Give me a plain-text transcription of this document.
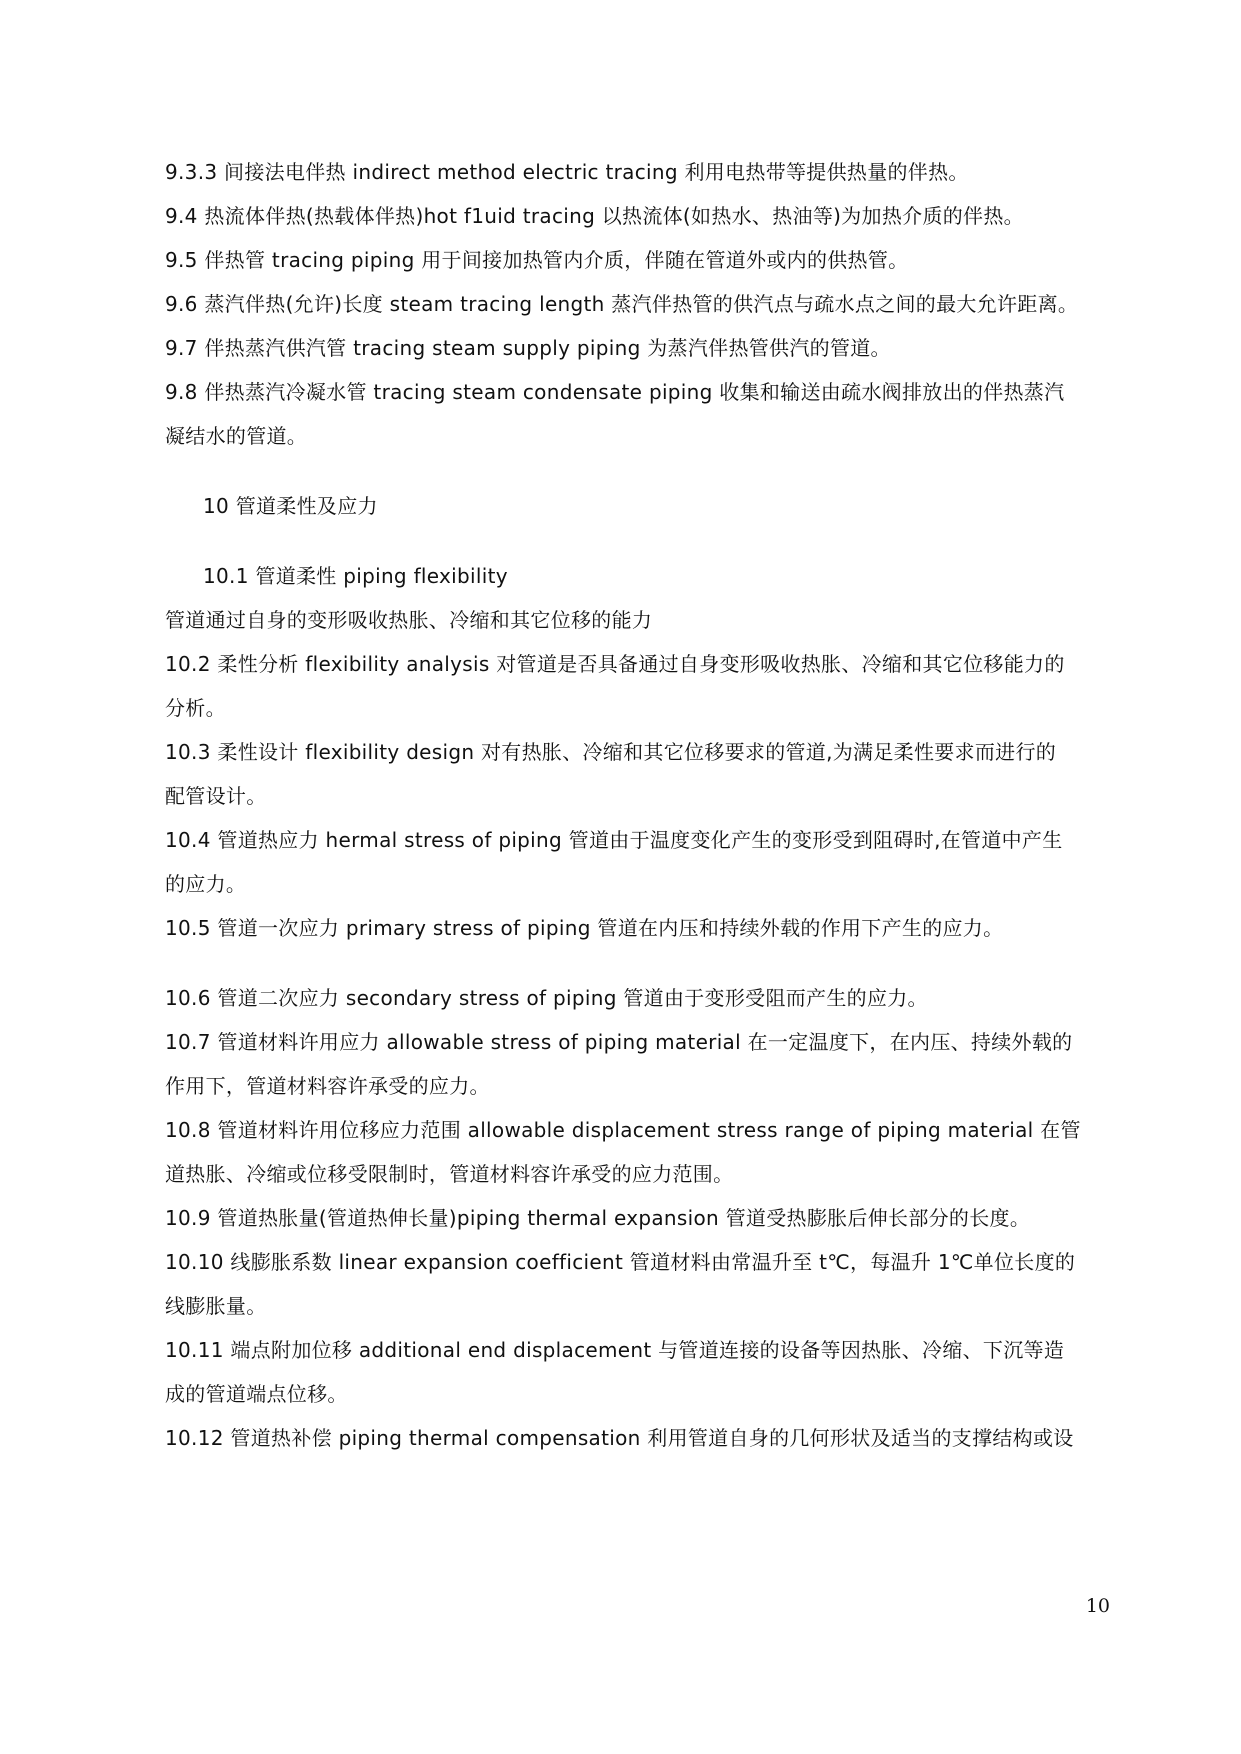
9.3.3 间接法电伴热 indirect method electric tracing 利用电热带等提供热量的伴热。
9.4 热流体伴热(热载体伴热)hot f1uid tracing 以热流体(如热水、热油等)为加热介质的伴热。
9.5 伴热管 tracing piping 用于间接加热管内介质，伴随在管道外或内的供热管。
9.6 蒸汽伴热(允许)长度 steam tracing length 蒸汽伴热管的供汽点与疏水点之间的最大允许距离。
9.7 伴热蒸汽供汽管 tracing steam supply piping 为蒸汽伴热管供汽的管道。
9.8 伴热蒸汽冷凝水管 tracing steam condensate piping 收集和输送由疏水阀排放出的伴热蒸汽
凝结水的管道。
10 管道柔性及应力
10.1 管道柔性 piping flexibility
管道通过自身的变形吸收热胀、冷缩和其它位移的能力
10.2 柔性分析 flexibility analysis 对管道是否具备通过自身变形吸收热胀、冷缩和其它位移能力的
分析。
10.3 柔性设计 flexibility design 对有热胀、冷缩和其它位移要求的管道,为满足柔性要求而进行的
配管设计。
10.4 管道热应力 hermal stress of piping 管道由于温度变化产生的变形受到阻碍时,在管道中产生
的应力。
10.5 管道一次应力 primary stress of piping 管道在内压和持续外载的作用下产生的应力。
10.6 管道二次应力 secondary stress of piping 管道由于变形受阻而产生的应力。
10.7 管道材料许用应力 allowable stress of piping material 在一定温度下，在内压、持续外载的
作用下，管道材料容许承受的应力。
10.8 管道材料许用位移应力范围 allowable displacement stress range of piping material 在管
道热胀、冷缩或位移受限制时，管道材料容许承受的应力范围。
10.9 管道热胀量(管道热伸长量)piping thermal expansion 管道受热膨胀后伸长部分的长度。
10.10 线膨胀系数 linear expansion coefficient 管道材料由常温升至 t℃，每温升 1℃单位长度的
线膨胀量。
10.11 端点附加位移 additional end displacement 与管道连接的设备等因热胀、冷缩、下沉等造
成的管道端点位移。
10.12 管道热补偿 piping thermal compensation 利用管道自身的几何形状及适当的支撑结构或设
10
